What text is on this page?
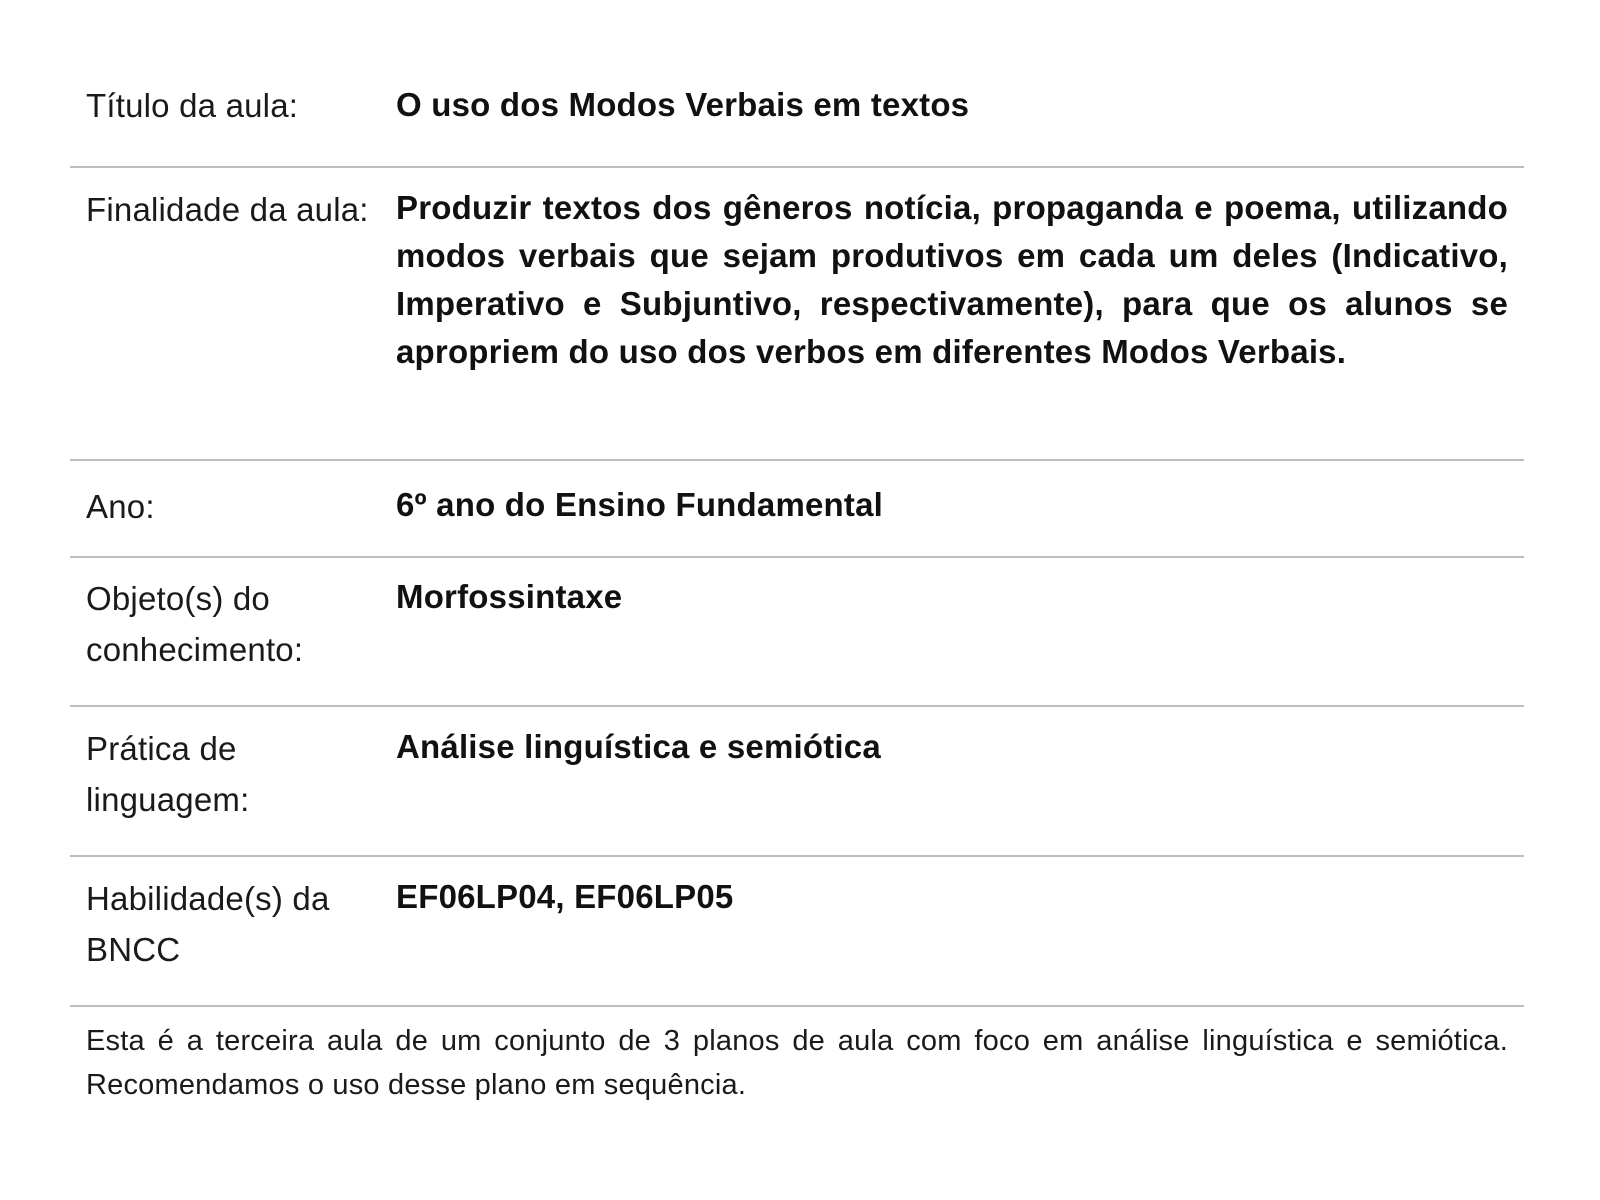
Título da aula:	O uso dos Modos Verbais em textos
Finalidade da aula: Produzir textos dos gêneros notícia, propaganda e poema, utilizando modos verbais que sejam produtivos em cada um deles (Indicativo, Imperativo e Subjuntivo, respectivamente), para que os alunos se apropriem do uso dos verbos em diferentes Modos Verbais.
Ano:	6º ano do Ensino Fundamental
Objeto(s) do conhecimento:
Morfossintaxe
Prática de linguagem:
Análise linguística e semiótica
Habilidade(s) da BNCC
EF06LP04, EF06LP05
Esta é a terceira aula de um conjunto de 3 planos de aula com foco em análise linguística e semiótica. Recomendamos o uso desse plano em sequência.
